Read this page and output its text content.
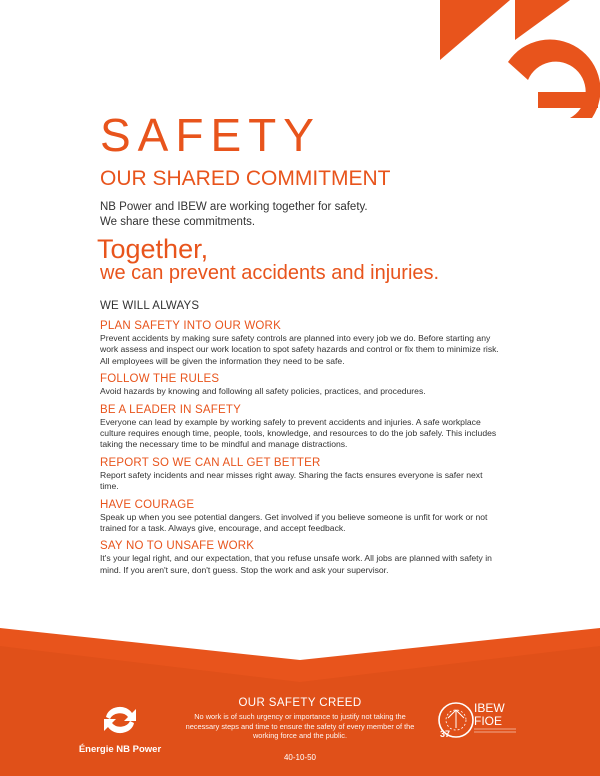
SAFETY
OUR SHARED COMMITMENT
NB Power and IBEW are working together for safety.
We share these commitments.
Together,
we can prevent accidents and injuries.
WE WILL ALWAYS
PLAN SAFETY INTO OUR WORK

Prevent accidents by making sure safety controls are planned into every job we do. Before starting any work assess and inspect our work location to spot safety hazards and control or fix them to minimize risk. All employees will be given the information they need to be safe.

FOLLOW THE RULES

Avoid hazards by knowing and following all safety policies, practices, and procedures.

BE A LEADER IN SAFETY

Everyone can lead by example by working safely to prevent accidents and injuries. A safe workplace culture requires enough time, people, tools, knowledge, and resources to do the job safely. This includes taking the necessary time to be mindful and manage distractions.

REPORT SO WE CAN ALL GET BETTER

Report safety incidents and near misses right away. Sharing the facts ensures everyone is safer next time.

HAVE COURAGE

Speak up when you see potential dangers. Get involved if you believe someone is unfit for work or not trained for a task. Always give, encourage, and accept feedback.

SAY NO TO UNSAFE WORK

It's your legal right, and our expectation, that you refuse unsafe work. All jobs are planned with safety in mind. If you aren't sure, don't guess. Stop the work and ask your supervisor.

Énergie NB Power
OUR SAFETY CREED
No work is of such urgency or importance to justify not taking the necessary steps and time to ensure the safety of every member of the working force and the public.
40-10-50
37
IBEW
FIOE
